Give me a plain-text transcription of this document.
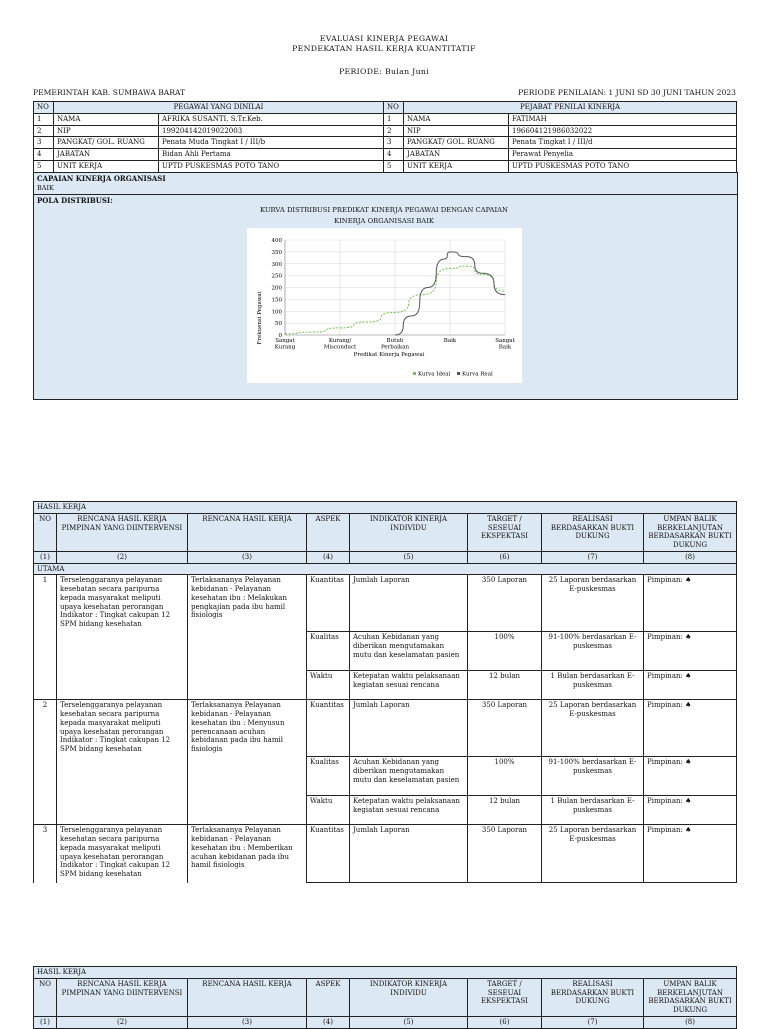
EVALUASI KINERJA PEGAWAI
PENDEKATAN HASIL KERJA KUANTITATIF
PERIODE: Bulan Juni
PEMERINTAH KAB. SUMBAWA BARAT	PERIODE PENILAIAN: 1 JUNI SD 30 JUNI TAHUN 2023
NO	PEGAWAI YANG DINILAI		NO	PEJABAT PENILAI KINERJA	
1	NAMA	AFRIKA SUSANTI, S.Tr.Keb.	1	NAMA	FATIMAH
2	NIP	199204142019022003	2	NIP	196604121986032022
3	PANGKAT/ GOL. RUANG	Penata Muda Tingkat I / III/b	3	PANGKAT/ GOL. RUANG	Penata Tingkat I / III/d
4	JABATAN	Bidan Ahli Pertama	4	JABATAN	Perawat Penyelia
5	UNIT KERJA	UPTD PUSKESMAS POTO TANO	5	UNIT KERJA	UPTD PUSKESMAS POTO TANO
CAPAIAN KINERJA ORGANISASI
BAIK
POLA DISTRIBUSI:
KURVA DISTRIBUSI PREDIKAT KINERJA PEGAWAI DENGAN CAPAIAN KINERJA ORGANISASI BAIK
0
50
100
150
200
250
300
350
400
Sangat Kurang
Kurang/ Misconduct
Butuh Perbaikan
Baik	Sangat Baik
Frekuensi Pegawai
Predikat Kinerja Pegawai
Kurva Ideal Kurva Real
HASIL KERJA							
NO	RENCANA HASIL KERJA PIMPINAN YANG DIINTERVENSI	RENCANA HASIL KERJA	ASPEK	INDIKATOR KINERJA INDIVIDU	TARGET / SESEUAI EKSPEKTASI	REALISASI BERDASARKAN BUKTI DUKUNG	UMPAN BALIK BERKELANJUTAN BERDASARKAN BUKTI DUKUNG
(1)	(2)	(3)	(4)	(5)	(6)	(7)	(8)
UTAMA							
1	Terselenggaranya pelayanan kesehatan secara paripurna kepada masyarakat meliputi upaya kesehatan perorangan Indikator : Tingkat cakupan 12 SPM bidang kesehatan	Terlaksananya Pelayanan kebidanan - Pelayanan kesehatan ibu : Melakukan pengkajian pada ibu hamil fisiologis	Kuantitas	Jumlah Laporan	350 Laporan	25 Laporan berdasarkan E-puskesmas	Pimpinan: ♠
			Kualitas	Acuhan Kebidanan yang diberikan mengutamakan mutu dan keselamatan pasien	100%	91-100% berdasarkan E-puskesmas	Pimpinan: ♠
			Waktu	Ketepatan waktu pelaksanaan kegiatan sesuai rencana	12 bulan	1 Bulan berdasarkan E-puskesmas	Pimpinan: ♠
2	Terselenggaranya pelayanan kesehatan secara paripurna kepada masyarakat meliputi upaya kesehatan perorangan Indikator : Tingkat cakupan 12 SPM bidang kesehatan	Terlaksananya Pelayanan kebidanan - Pelayanan kesehatan ibu : Menyusun perencanaan acuhan kebidanan pada ibu hamil fisiologis	Kuantitas	Jumlah Laporan	350 Laporan	25 Laporan berdasarkan E-puskesmas	Pimpinan: ♠
			Kualitas	Acuhan Kebidanan yang diberikan mengutamakan mutu dan keselamatan pasien	100%	91-100% berdasarkan E-puskesmas	Pimpinan: ♠
			Waktu	Ketepatan waktu pelaksanaan kegiatan sesuai rencana	12 bulan	1 Bulan berdasarkan E-puskesmas	Pimpinan: ♠
3	Terselenggaranya pelayanan kesehatan secara paripurna kepada masyarakat meliputi upaya kesehatan perorangan Indikator : Tingkat cakupan 12 SPM bidang kesehatan	Terlaksananya Pelayanan kebidanan - Pelayanan kesehatan ibu : Memberikan acuhan kebidanan pada ibu hamil fisiologis	Kuantitas	Jumlah Laporan	350 Laporan	25 Laporan berdasarkan E-puskesmas	Pimpinan: ♠
HASIL KERJA							
NO	RENCANA HASIL KERJA PIMPINAN YANG DIINTERVENSI	RENCANA HASIL KERJA	ASPEK	INDIKATOR KINERJA INDIVIDU	TARGET / SESEUAI EKSPEKTASI	REALISASI BERDASARKAN BUKTI DUKUNG	UMPAN BALIK BERKELANJUTAN BERDASARKAN BUKTI DUKUNG
(1)	(2)	(3)	(4)	(5)	(6)	(7)	(8)
